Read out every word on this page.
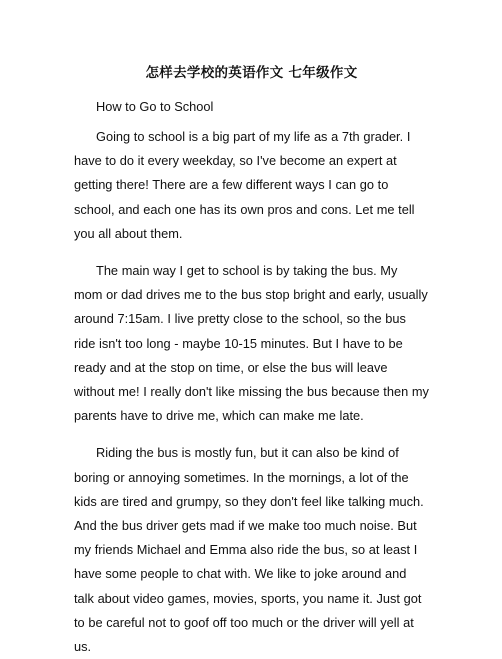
怎样去学校的英语作文 七年级作文

How to Go to School

Going to school is a big part of my life as a 7th grader. I have to do it every weekday, so I've become an expert at getting there! There are a few different ways I can go to school, and each one has its own pros and cons. Let me tell you all about them.

The main way I get to school is by taking the bus. My mom or dad drives me to the bus stop bright and early, usually around 7:15am. I live pretty close to the school, so the bus ride isn't too long - maybe 10-15 minutes. But I have to be ready and at the stop on time, or else the bus will leave without me! I really don't like missing the bus because then my parents have to drive me, which can make me late.

Riding the bus is mostly fun, but it can also be kind of boring or annoying sometimes. In the mornings, a lot of the kids are tired and grumpy, so they don't feel like talking much. And the bus driver gets mad if we make too much noise. But my friends Michael and Emma also ride the bus, so at least I have some people to chat with. We like to joke around and talk about video games, movies, sports, you name it. Just got to be careful not to goof off too much or the driver will yell at us.
